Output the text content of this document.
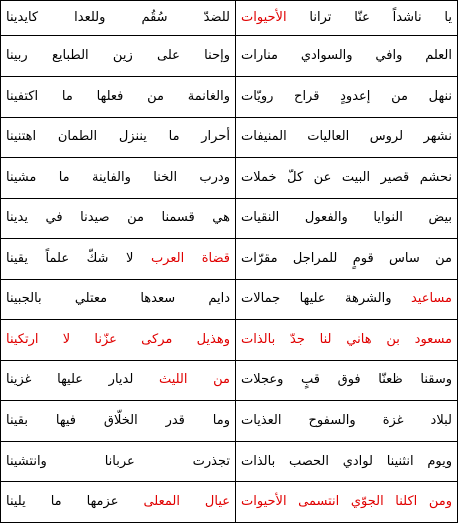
يا ناشداً عنّا ترانا الأحيوات	للضدّ سُقُم وللعدا كايدينا
العلم وافي والسوادي منارات	وإحنا على زين الطبايع ربينا
ننهل من إعدودٍ قراح رويّات	والغانمة من فعلها ما اكتفينا
نشهر لروس العاليات المنيفات	أحرار ما يننزل الطمان اهتنينا
نحشم قصير البيت عن كلّ خملات	ودرب الخنا والفاينة ما مشينا
بيض النوايا والفعول النقيات	هي قسمنا من صيدنا في يدينا
من ساس قومٍ للمراجل مقرّات	قضاة العرب لا شكّ علماً يقينا
مساعيد والشرهة عليها جمالات	دايم سعدها معتلي بالجبينا
مسعود بن هاني لنا جدّ بالذات	وهذيل مركى عزّنا لا ارتكينا
وسقنا ظعنّا فوق قبٍ وعجلات	من الليث لديار عليها غزينا
لبلاد غزة والسفوح العذيات	وما قدر الخلّاق فيها بقينا
ويوم انثنينا لوادي الحصب بالذات	تجذرت عربانا وانتشينا
ومن اكلنا الجوّي انتسمى الأحيوات	عيال المعلى عزمها ما يلينا
